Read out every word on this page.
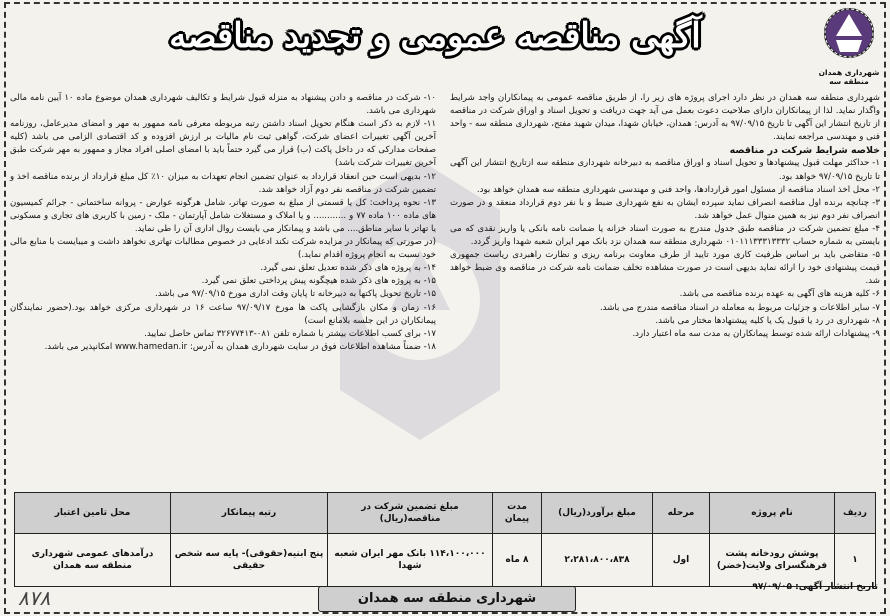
شهرداری همدان
منطقه سه
آگهی مناقصه عمومی و تجدید مناقصه

شهرداری منطقه سه همدان در نظر دارد اجرای پروژه های زیر را، از طریق مناقصه عمومی به پیمانکاران واجد شرایط واگذار نماید. لذا از پیمانکاران دارای صلاحیت دعوت بعمل می آید جهت دریافت و تحویل اسناد و اوراق شرکت در مناقصه از تاریخ انتشار این آگهی تا تاریخ ۹۷/۰۹/۱۵ به آدرس: همدان، خیابان شهدا، میدان شهید مفتح، شهرداری منطقه سه - واحد فنی و مهندسی مراجعه نمایند.

خلاصه شرایط شرکت در مناقصه

۱- حداکثر مهلت قبول پیشنهادها و تحویل اسناد و اوراق مناقصه به دبیرخانه شهرداری منطقه سه ازتاریخ انتشار این آگهی تا تاریخ ۹۷/۰۹/۱۵ خواهد بود.

۲- محل اخذ اسناد مناقصه از مسئول امور قراردادها، واحد فنی و مهندسی شهرداری منطقه سه همدان خواهد بود.

۳- چنانچه برنده اول مناقصه انصراف نماید سپرده ایشان به نفع شهرداری ضبط و با نفر دوم قرارداد منعقد و در صورت انصراف نفر دوم نیز به همین منوال عمل خواهد شد.

۴- مبلغ تضمین شرکت در مناقصه طبق جدول مندرج به صورت اسناد خزانه یا ضمانت نامه بانکی یا واریز نقدی که می بایستی به شماره حساب ۰۱۰۱۱۱۳۳۳۱۳۳۳۲ شهرداری منطقه سه همدان نزد بانک مهر ایران شعبه شهدا واریز گردد.

۵- متقاضی باید بر اساس ظرفیت کاری مورد تایید از طرف معاونت برنامه ریزی و نظارت راهبردی ریاست جمهوری قیمت پیشنهادی خود را ارائه نماید بدیهی است در صورت مشاهده تخلف ضمانت نامه شرکت در مناقصه وی ضبط خواهد شد.

۶- کلیه هزینه های آگهی به عهده برنده مناقصه می باشد.

۷- سایر اطلاعات و جزئیات مربوط به معامله در اسناد مناقصه مندرج می باشد.

۸- شهرداری در رد یا قبول یک یا کلیه پیشنهادها مختار می باشد.

۹- پیشنهادات ارائه شده توسط پیمانکاران به مدت سه ماه اعتبار دارد.

۱۰- شرکت در مناقصه و دادن پیشنهاد به منزله قبول شرایط و تکالیف شهرداری همدان موضوع ماده ۱۰ آیین نامه مالی شهرداری می باشد.

۱۱- لازم به ذکر است هنگام تحویل اسناد داشتن رتبه مربوطه معرفی نامه ممهور به مهر و امضای مدیرعامل، روزنامه آخرین آگهی تغییرات اعضای شرکت، گواهی ثبت نام مالیات بر ارزش افزوده و کد اقتصادی الزامی می باشد (کلیه صفحات مدارکی که در داخل پاکت (ب) قرار می گیرد حتماً باید با امضای اصلی افراد مجاز و ممهور به مهر شرکت طبق آخرین تغییرات شرکت باشد)

۱۲- بدیهی است حین انعقاد قرارداد به عنوان تضمین انجام تعهدات به میزان ۱۰٪ کل مبلغ قرارداد از برنده مناقصه اخذ و تضمین شرکت در مناقصه نفر دوم آزاد خواهد شد.

۱۳- نحوه پرداخت: کل یا قسمتی از مبلغ به صورت تهاتر، شامل هرگونه عوارض - پروانه ساختمانی - جرائم کمیسیون های ماده ۱۰۰ ماده ۷۷ و ............ و یا املاک و مستغلات شامل آپارتمان - ملک - زمین با کاربری های تجاری و مسکونی یا تهاتر با سایر مناطق.... می باشد و پیمانکار می بایست روال اداری آن را طی نماید.

(در صورتی که پیمانکار در مزایده شرکت نکند ادعایی در خصوص مطالبات تهاتری نخواهد داشت و میبایست با منابع مالی خود نسبت به انجام پروژه اقدام نماید.)

۱۴- به پروژه های ذکر شده تعدیل تعلق نمی گیرد.

۱۵- به پروژه های ذکر شده هیچگونه پیش پرداختی تعلق نمی گیرد.

۱۵- تاریخ تحویل پاکتها به دبیرخانه تا پایان وقت اداری مورخ ۹۷/۰۹/۱۵ می باشد.

۱۶- زمان و مکان بازگشایی پاکت ها مورخ ۹۷/۰۹/۱۷ ساعت ۱۶ در شهرداری مرکزی خواهد بود.(حضور نمایندگان پیمانکاران در این جلسه بلامانع است)

۱۷- برای کسب اطلاعات بیشتر با شماره تلفن ۰۸۱-۳۲۶۷۷۴۱۳ تماس حاصل نمایید.

۱۸- ضمناً مشاهده اطلاعات فوق در سایت شهرداری همدان به آدرس: www.hamedan.ir امکانپذیر می باشد.

ردیف	نام پروژه	مرحله	مبلغ برآورد(ریال)	مدت پیمان	مبلغ تضمین شرکت در مناقصه(ریال)	رتبه پیمانکار	محل تامین اعتبار
۱	پوشش رودخانه پشت فرهنگسرای ولایت(خضر)	اول	۲،۲۸۱،۸۰۰،۸۳۸	۸ ماه	۱۱۴،۱۰۰،۰۰۰ بانک مهر ایران شعبه شهدا	پنج ابنیه(حقوقی)- پایه سه شخص حقیقی	درآمدهای عمومی شهرداری منطقه سه همدان
تاریخ انتشار آگهی: ۹۷/۰۹/۰۵
شهرداری منطقه سه همدان
۸۷۸
